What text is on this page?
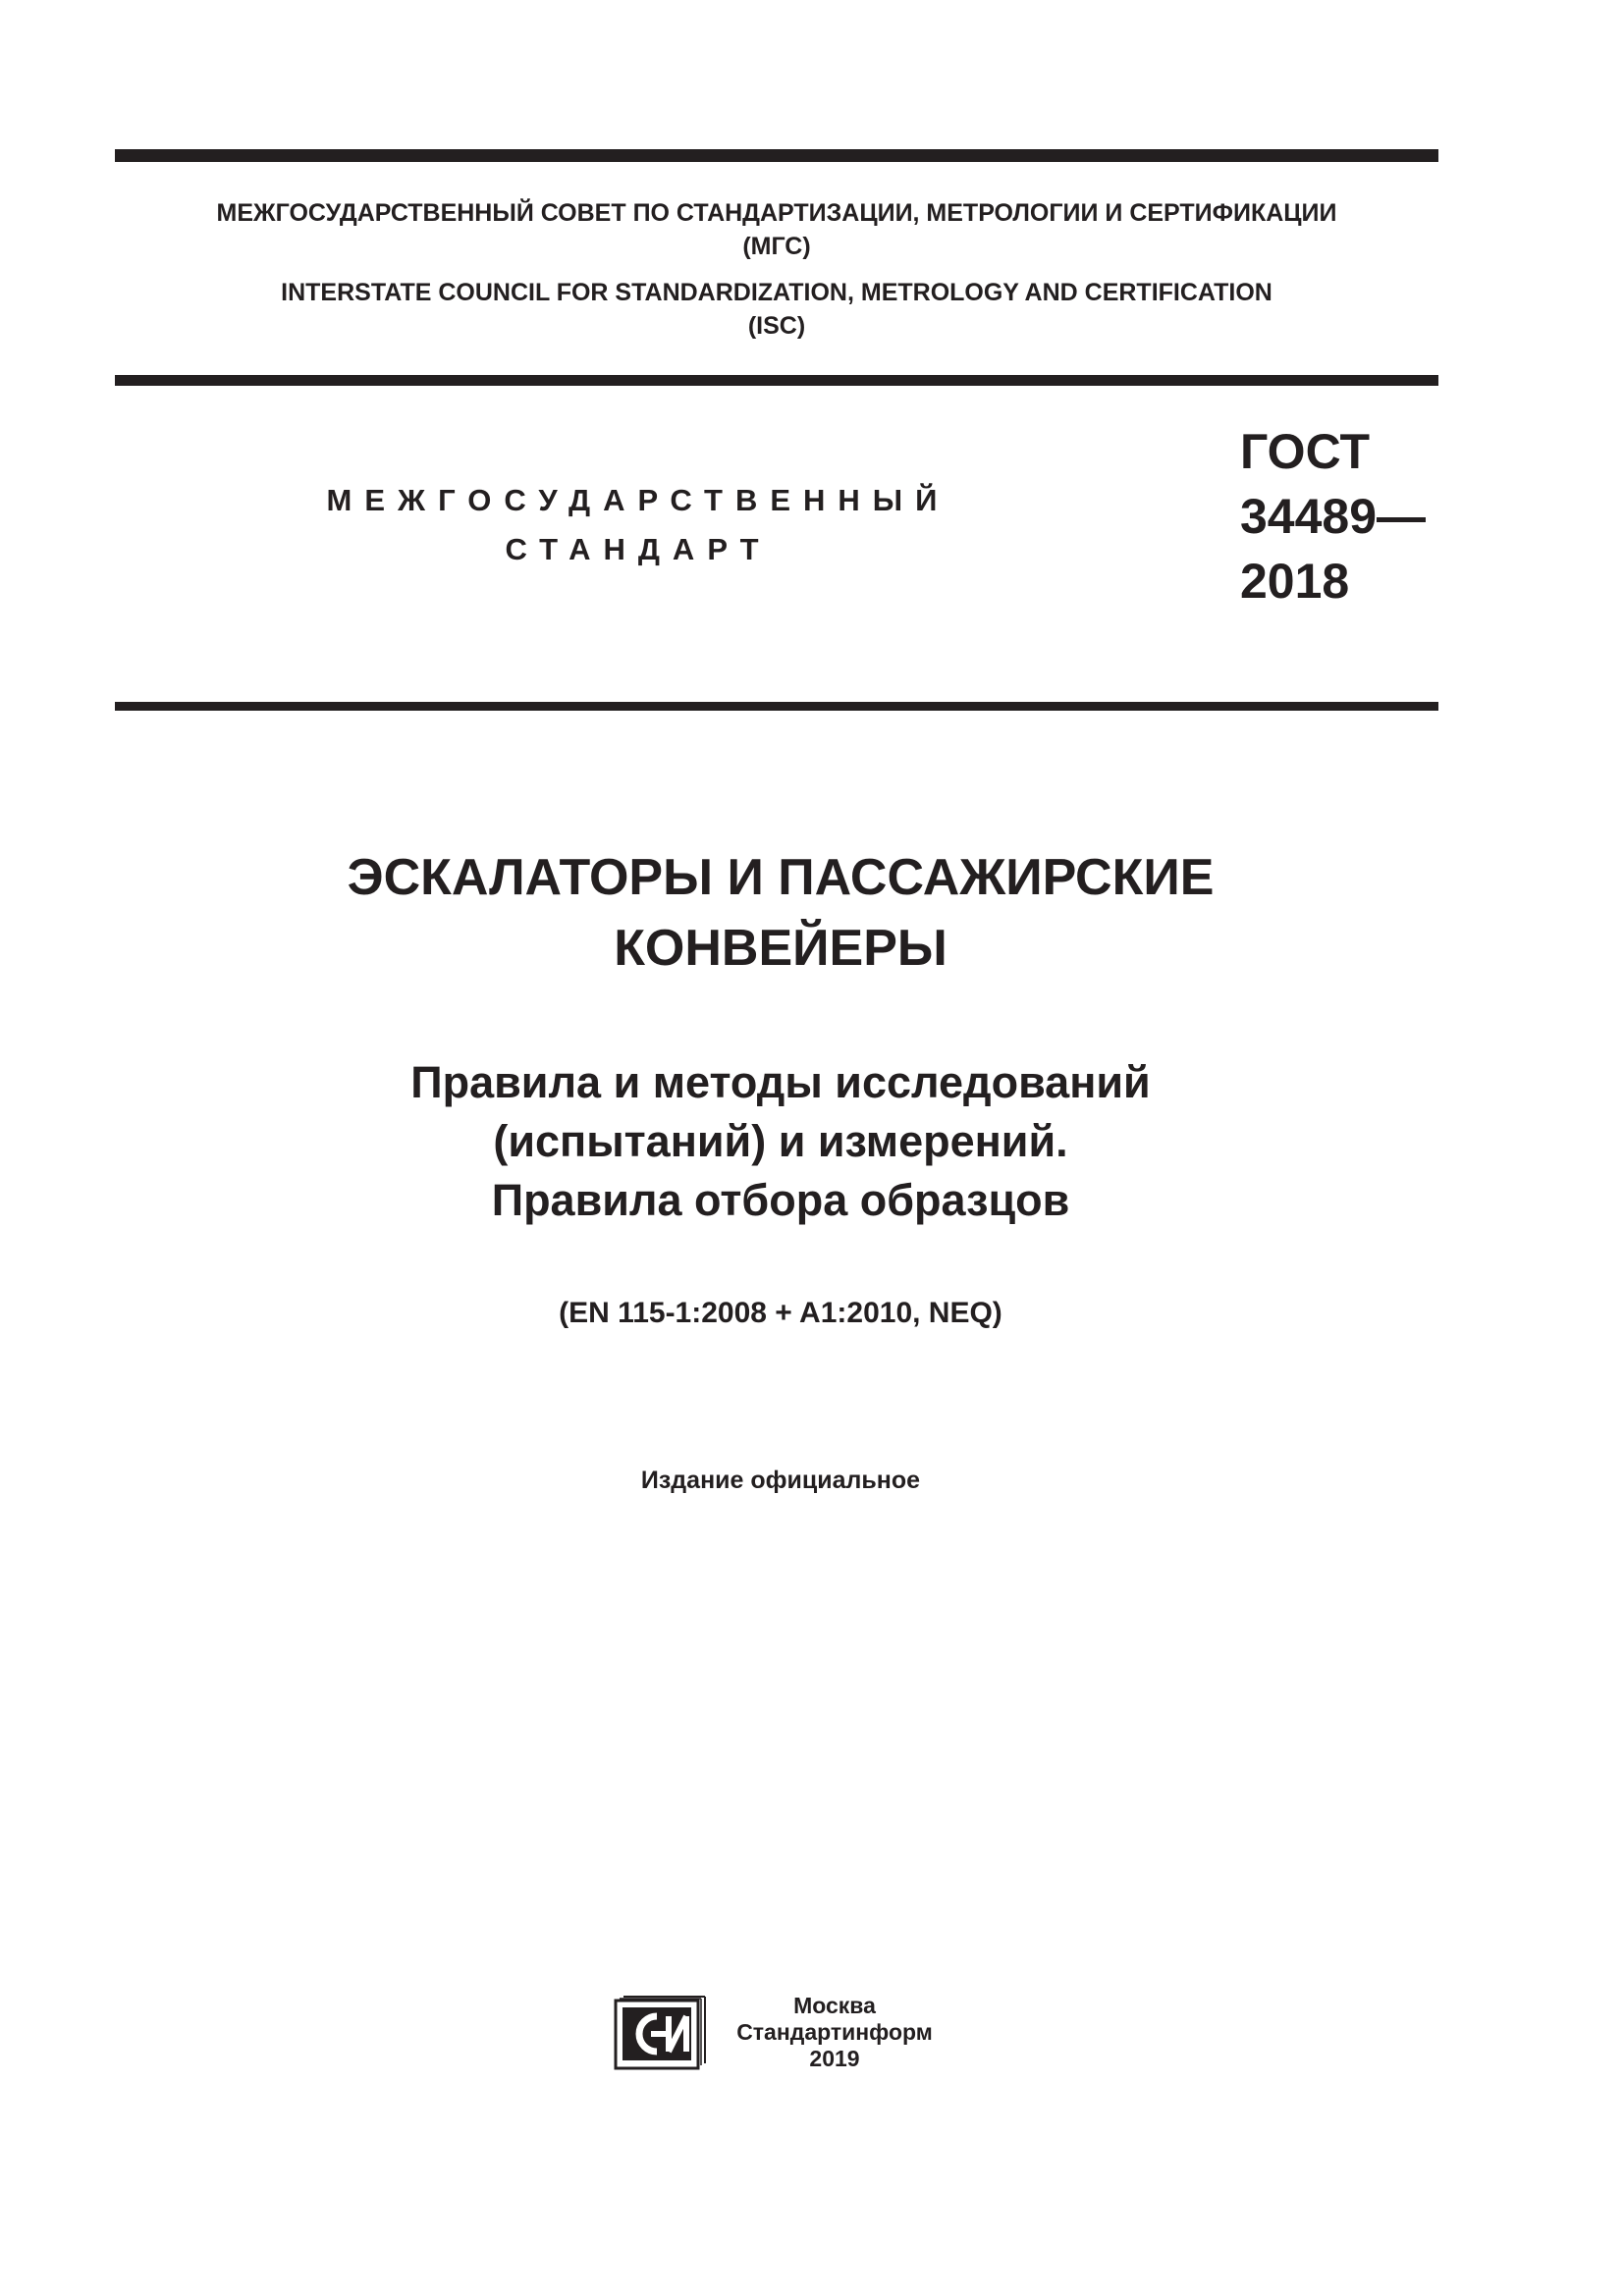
МЕЖГОСУДАРСТВЕННЫЙ СОВЕТ ПО СТАНДАРТИЗАЦИИ, МЕТРОЛОГИИ И СЕРТИФИКАЦИИ
(МГС)
INTERSTATE COUNCIL FOR STANDARDIZATION, METROLOGY AND CERTIFICATION
(ISC)
МЕЖГОСУДАРСТВЕННЫЙ
СТАНДАРТ
ГОСТ
34489—
2018
ЭСКАЛАТОРЫ И ПАССАЖИРСКИЕ
КОНВЕЙЕРЫ
Правила и методы исследований
(испытаний) и измерений.
Правила отбора образцов
(EN 115-1:2008 + A1:2010, NEQ)
Издание официальное
Москва
Стандартинформ
2019
